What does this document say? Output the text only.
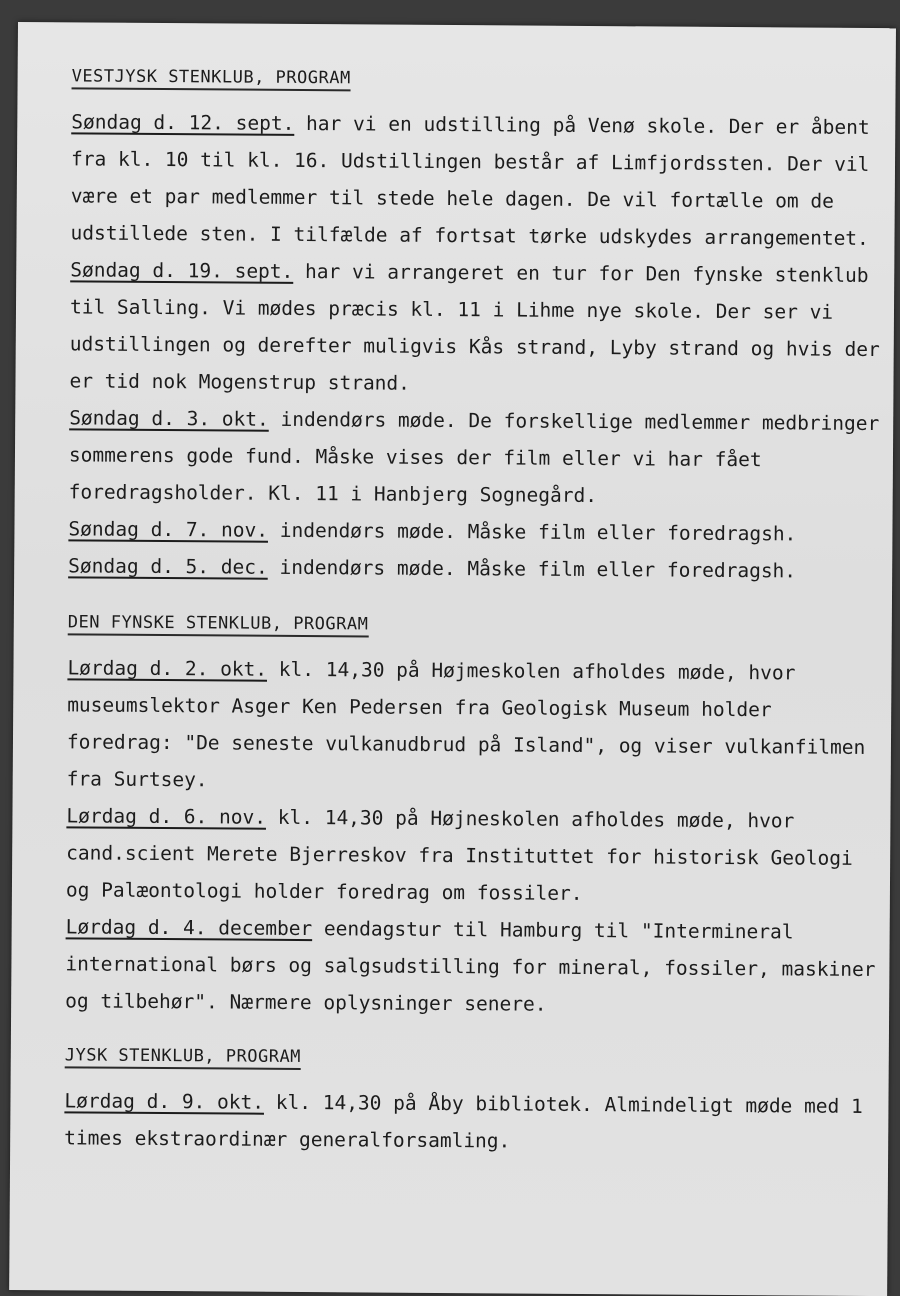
VESTJYSK STENKLUB, PROGRAM

Søndag d. 12. sept. har vi en udstilling på Venø skole. Der er åbent fra kl. 10 til kl. 16. Udstillingen består af Limfjordssten. Der vil være et par medlemmer til stede hele dagen. De vil fortælle om de udstillede sten. I tilfælde af fortsat tørke udskydes arrangementet.

Søndag d. 19. sept. har vi arrangeret en tur for Den fynske stenklub til Salling. Vi mødes præcis kl. 11 i Lihme nye skole. Der ser vi udstillingen og derefter muligvis Kås strand, Lyby strand og hvis der er tid nok Mogenstrup strand.

Søndag d. 3. okt. indendørs møde. De forskellige medlemmer medbringer sommerens gode fund. Måske vises der film eller vi har fået foredragsholder. Kl. 11 i Hanbjerg Sognegård.

Søndag d. 7. nov. indendørs møde. Måske film eller foredragsh.

Søndag d. 5. dec. indendørs møde. Måske film eller foredragsh.

DEN FYNSKE STENKLUB, PROGRAM

Lørdag d. 2. okt. kl. 14,30 på Højmeskolen afholdes møde, hvor museumslektor Asger Ken Pedersen fra Geologisk Museum holder foredrag: "De seneste vulkanudbrud på Island", og viser vulkanfilmen fra Surtsey.

Lørdag d. 6. nov. kl. 14,30 på Højneskolen afholdes møde, hvor cand.scient Merete Bjerreskov fra Instituttet for historisk Geologi og Palæontologi holder foredrag om fossiler.

Lørdag d. 4. december eendagstur til Hamburg til "Intermineral international børs og salgsudstilling for mineral, fossiler, maskiner og tilbehør". Nærmere oplysninger senere.

JYSK STENKLUB, PROGRAM

Lørdag d. 9. okt. kl. 14,30 på Åby bibliotek. Almindeligt møde med 1 times ekstraordinær generalforsamling.
